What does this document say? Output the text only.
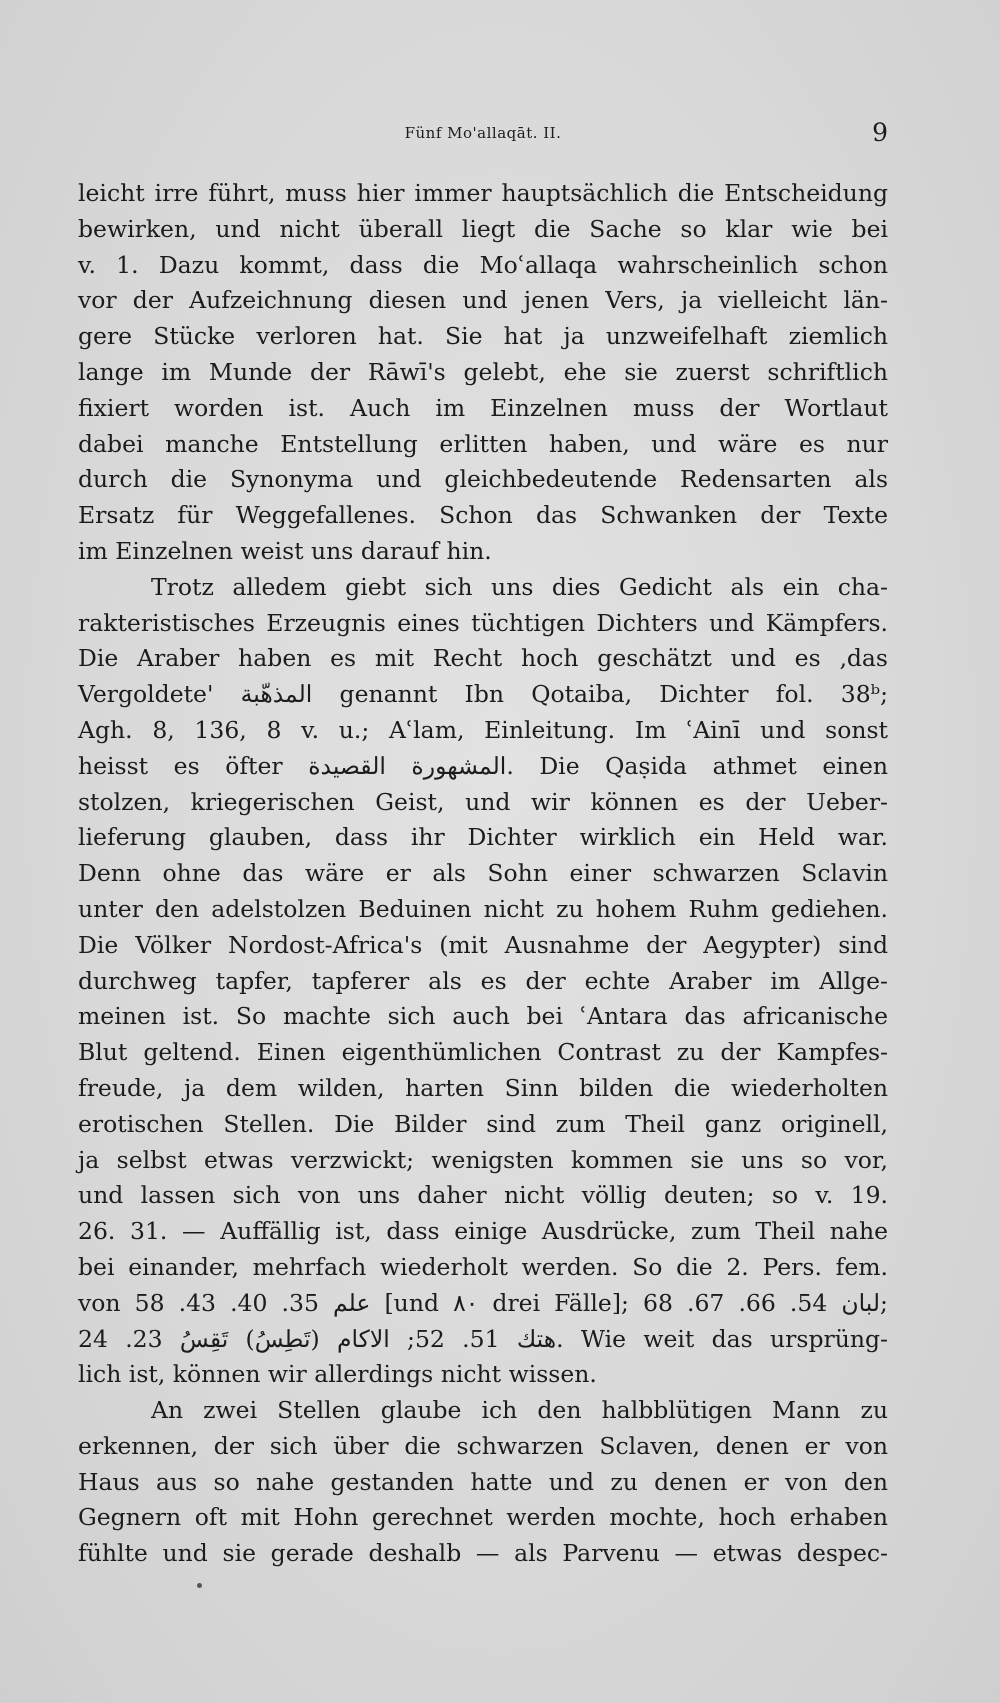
Fünf Mo'allaqāt. II.	9
leicht irre führt, muss hier immer hauptsächlich die Entscheidung
bewirken, und nicht überall liegt die Sache so klar wie bei
v. 1. Dazu kommt, dass die Moʿallaqa wahrscheinlich schon
vor der Aufzeichnung diesen und jenen Vers, ja vielleicht län-
gere Stücke verloren hat. Sie hat ja unzweifelhaft ziemlich
lange im Munde der Rāwī's gelebt, ehe sie zuerst schriftlich
fixiert worden ist. Auch im Einzelnen muss der Wortlaut
dabei manche Entstellung erlitten haben, und wäre es nur
durch die Synonyma und gleichbedeutende Redensarten als
Ersatz für Weggefallenes. Schon das Schwanken der Texte
im Einzelnen weist uns darauf hin.
Trotz alledem giebt sich uns dies Gedicht als ein cha-
rakteristisches Erzeugnis eines tüchtigen Dichters und Kämpfers.
Die Araber haben es mit Recht hoch geschätzt und es ‚das
Vergoldete' المذهّبة genannt Ibn Qotaiba, Dichter fol. 38ᵇ;
Agh. 8, 136, 8 v. u.; Aʿlam, Einleitung. Im ʿAinī und sonst
heisst es öfter المشهورة القصيدة. Die Qaṣida athmet einen
stolzen, kriegerischen Geist, und wir können es der Ueber-
lieferung glauben, dass ihr Dichter wirklich ein Held war.
Denn ohne das wäre er als Sohn einer schwarzen Sclavin
unter den adelstolzen Beduinen nicht zu hohem Ruhm gediehen.
Die Völker Nordost-Africa's (mit Ausnahme der Aegypter) sind
durchweg tapfer, tapferer als es der echte Araber im Allge-
meinen ist. So machte sich auch bei ʿAntara das africanische
Blut geltend. Einen eigenthümlichen Contrast zu der Kampfes-
freude, ja dem wilden, harten Sinn bilden die wiederholten
erotischen Stellen. Die Bilder sind zum Theil ganz originell,
ja selbst etwas verzwickt; wenigsten kommen sie uns so vor,
und lassen sich von uns daher nicht völlig deuten; so v. 19.
26. 31. — Auffällig ist, dass einige Ausdrücke, zum Theil nahe
bei einander, mehrfach wiederholt werden. So die 2. Pers. fem.
von علم 35. 40. 43. 58 [und ٨٠ drei Fälle]; لبان 54. 66. 67. 68;
هتك 51. 52; الاكام (تَطِسُ) تَقِسُ 23. 24. Wie weit das ursprüng-
lich ist, können wir allerdings nicht wissen.
An zwei Stellen glaube ich den halbblütigen Mann zu
erkennen, der sich über die schwarzen Sclaven, denen er von
Haus aus so nahe gestanden hatte und zu denen er von den
Gegnern oft mit Hohn gerechnet werden mochte, hoch erhaben
fühlte und sie gerade deshalb — als Parvenu — etwas despec-
